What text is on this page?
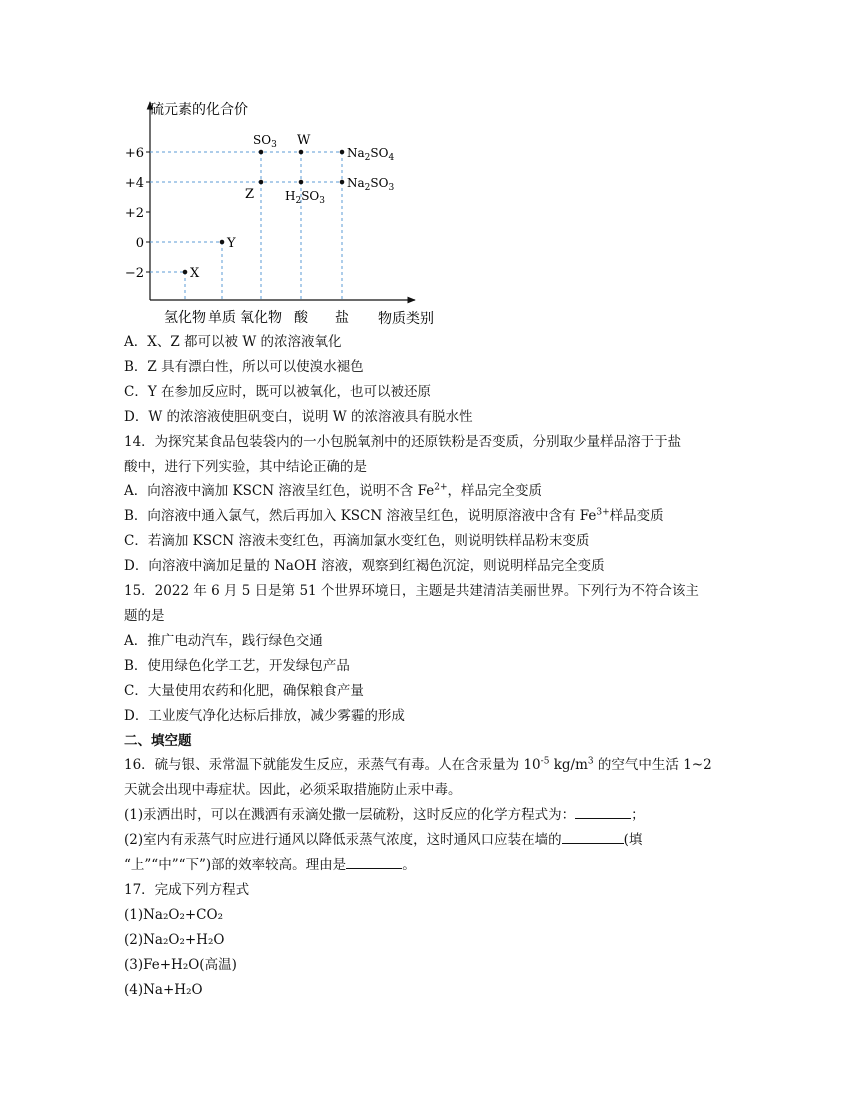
硫元素的化合价
物质类别
+6
+4
+2
0
−2
氢化物 单质 氧化物 酸 盐
X
Y
Z
$SO_3$ W
$H_2SO_3$
$Na_2SO_4$
$Na_2SO_3$
A．X、Z 都可以被 W 的浓溶液氧化
B．Z 具有漂白性，所以可以使溴水褪色
C．Y 在参加反应时，既可以被氧化，也可以被还原
D．W 的浓溶液使胆矾变白，说明 W 的浓溶液具有脱水性
14．为探究某食品包装袋内的一小包脱氧剂中的还原铁粉是否变质，分别取少量样品溶于于盐
酸中，进行下列实验，其中结论正确的是
A．向溶液中滴加 KSCN 溶液呈红色，说明不含 $Fe^{2+}$，样品完全变质
B．向溶液中通入氯气，然后再加入 KSCN 溶液呈红色，说明原溶液中含有 $Fe^{3+}$样品变质
C．若滴加 KSCN 溶液未变红色，再滴加氯水变红色，则说明铁样品粉末变质
D．向溶液中滴加足量的 NaOH 溶液，观察到红褐色沉淀，则说明样品完全变质
15．2022 年 6 月 5 日是第 51 个世界环境日，主题是共建清洁美丽世界。下列行为不符合该主
题的是
A．推广电动汽车，践行绿色交通
B．使用绿色化学工艺，开发绿包产品
C．大量使用农药和化肥，确保粮食产量
D．工业废气净化达标后排放，减少雾霾的形成
二、填空题
16．硫与银、汞常温下就能发生反应，汞蒸气有毒。人在含汞量为 $10^{-5}$ $kg/m^3$ 的空气中生活 1~2
天就会出现中毒症状。因此，必须采取措施防止汞中毒。
(1)汞洒出时，可以在溅洒有汞滴处撒一层硫粉，这时反应的化学方程式为：	；
(2)室内有汞蒸气时应进行通风以降低汞蒸气浓度，这时通风口应装在墙的	(填
“上”“中”“下”)部的效率较高。理由是	。
17．完成下列方程式
(1)Na₂O₂+CO₂
(2)Na₂O₂+H₂O
(3)Fe+H₂O(高温)
(4)Na+H₂O
